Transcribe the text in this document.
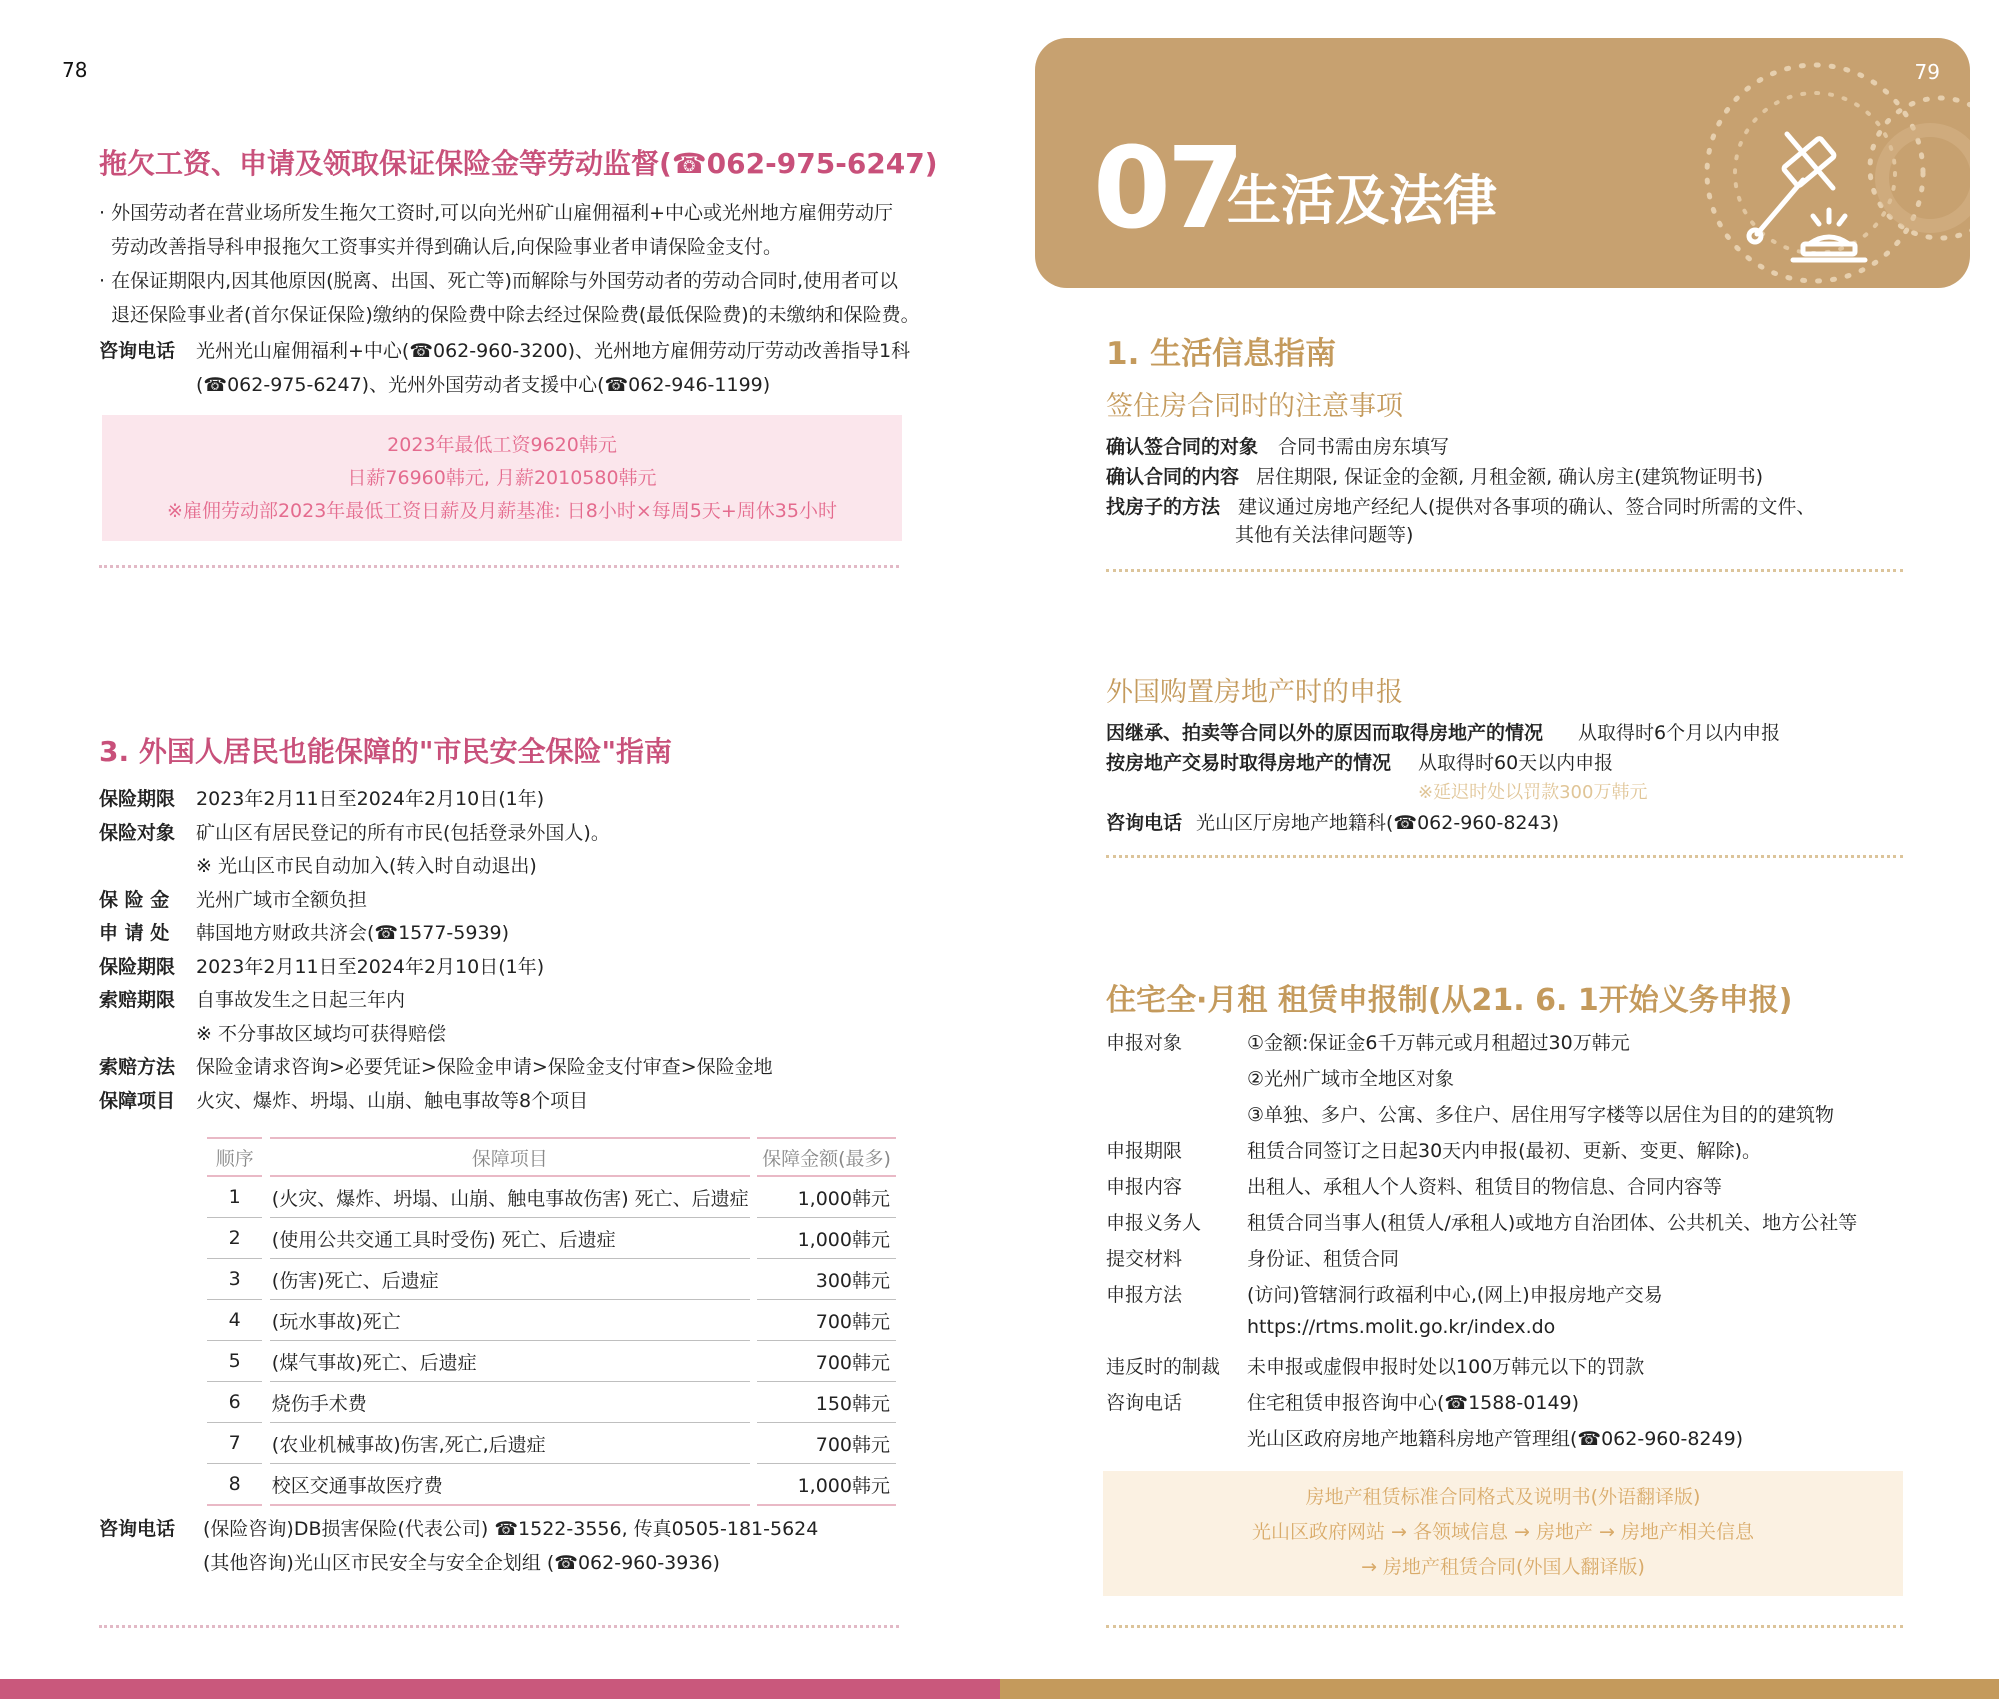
78
拖欠工资、申请及领取保证保险金等劳动监督(☎062-975-6247)
· 外国劳动者在营业场所发生拖欠工资时,可以向光州矿山雇佣福利+中心或光州地方雇佣劳动厅
劳动改善指导科申报拖欠工资事实并得到确认后,向保险事业者申请保险金支付。
· 在保证期限内,因其他原因(脱离、出国、死亡等)而解除与外国劳动者的劳动合同时,使用者可以
退还保险事业者(首尔保证保险)缴纳的保险费中除去经过保险费(最低保险费)的未缴纳和保险费。
咨询电话 光州光山雇佣福利+中心(☎062-960-3200)、光州地方雇佣劳动厅劳动改善指导1科
(☎062-975-6247)、光州外国劳动者支援中心(☎062-946-1199)
2023年最低工资9620韩元
日薪76960韩元, 月薪2010580韩元
※雇佣劳动部2023年最低工资日薪及月薪基准: 日8小时×每周5天+周休35小时
3. 外国人居民也能保障的"市民安全保险"指南
保险期限 2023年2月11日至2024年2月10日(1年)
保险对象 矿山区有居民登记的所有市民(包括登录外国人)。
※ 光山区市民自动加入(转入时自动退出)
保 险 金 光州广域市全额负担
申 请 处 韩国地方财政共济会(☎1577-5939)
保险期限 2023年2月11日至2024年2月10日(1年)
索赔期限 自事故发生之日起三年内
※ 不分事故区域均可获得赔偿
索赔方法 保险金请求咨询>必要凭证>保险金申请>保险金支付审查>保险金地
保障项目 火灾、爆炸、坍塌、山崩、触电事故等8个项目
顺序		保障项目		保障金额(最多)
1		(火灾、爆炸、坍塌、山崩、触电事故伤害) 死亡、后遗症		1,000韩元
2		(使用公共交通工具时受伤) 死亡、后遗症		1,000韩元
3		(伤害)死亡、后遗症		300韩元
4		(玩水事故)死亡		700韩元
5		(煤气事故)死亡、后遗症		700韩元
6		烧伤手术费		150韩元
7		(农业机械事故)伤害,死亡,后遗症		700韩元
8		校区交通事故医疗费		1,000韩元
咨询电话 (保险咨询)DB损害保险(代表公司) ☎1522-3556, 传真0505-181-5624
(其他咨询)光山区市民安全与安全企划组 (☎062-960-3936)
07
生活及法律
79
1. 生活信息指南
签住房合同时的注意事项
确认签合同的对象 合同书需由房东填写
确认合同的内容 居住期限, 保证金的金额, 月租金额, 确认房主(建筑物证明书)
找房子的方法 建议通过房地产经纪人(提供对各事项的确认、签合同时所需的文件、
其他有关法律问题等)
外国购置房地产时的申报
因继承、拍卖等合同以外的原因而取得房地产的情况 从取得时6个月以内申报
按房地产交易时取得房地产的情况 从取得时60天以内申报
※延迟时处以罚款300万韩元
咨询电话 光山区厅房地产地籍科(☎062-960-8243)
住宅全·月租 租赁申报制(从21. 6. 1开始义务申报)
申报对象	①金额:保证金6千万韩元或月租超过30万韩元
②光州广域市全地区对象
③单独、多户、公寓、多住户、居住用写字楼等以居住为目的的建筑物
申报期限	租赁合同签订之日起30天内申报(最初、更新、变更、解除)。
申报内容	出租人、承租人个人资料、租赁目的物信息、合同内容等
申报义务人 租赁合同当事人(租赁人/承租人)或地方自治团体、公共机关、地方公社等
提交材料	身份证、租赁合同
申报方法	(访问)管辖洞行政福利中心,(网上)申报房地产交易
https://rtms.molit.go.kr/index.do
违反时的制裁 未申报或虚假申报时处以100万韩元以下的罚款
咨询电话	住宅租赁申报咨询中心(☎1588-0149)
光山区政府房地产地籍科房地产管理组(☎062-960-8249)
房地产租赁标准合同格式及说明书(外语翻译版)
光山区政府网站 → 各领域信息 → 房地产 → 房地产相关信息
→ 房地产租赁合同(外国人翻译版)
